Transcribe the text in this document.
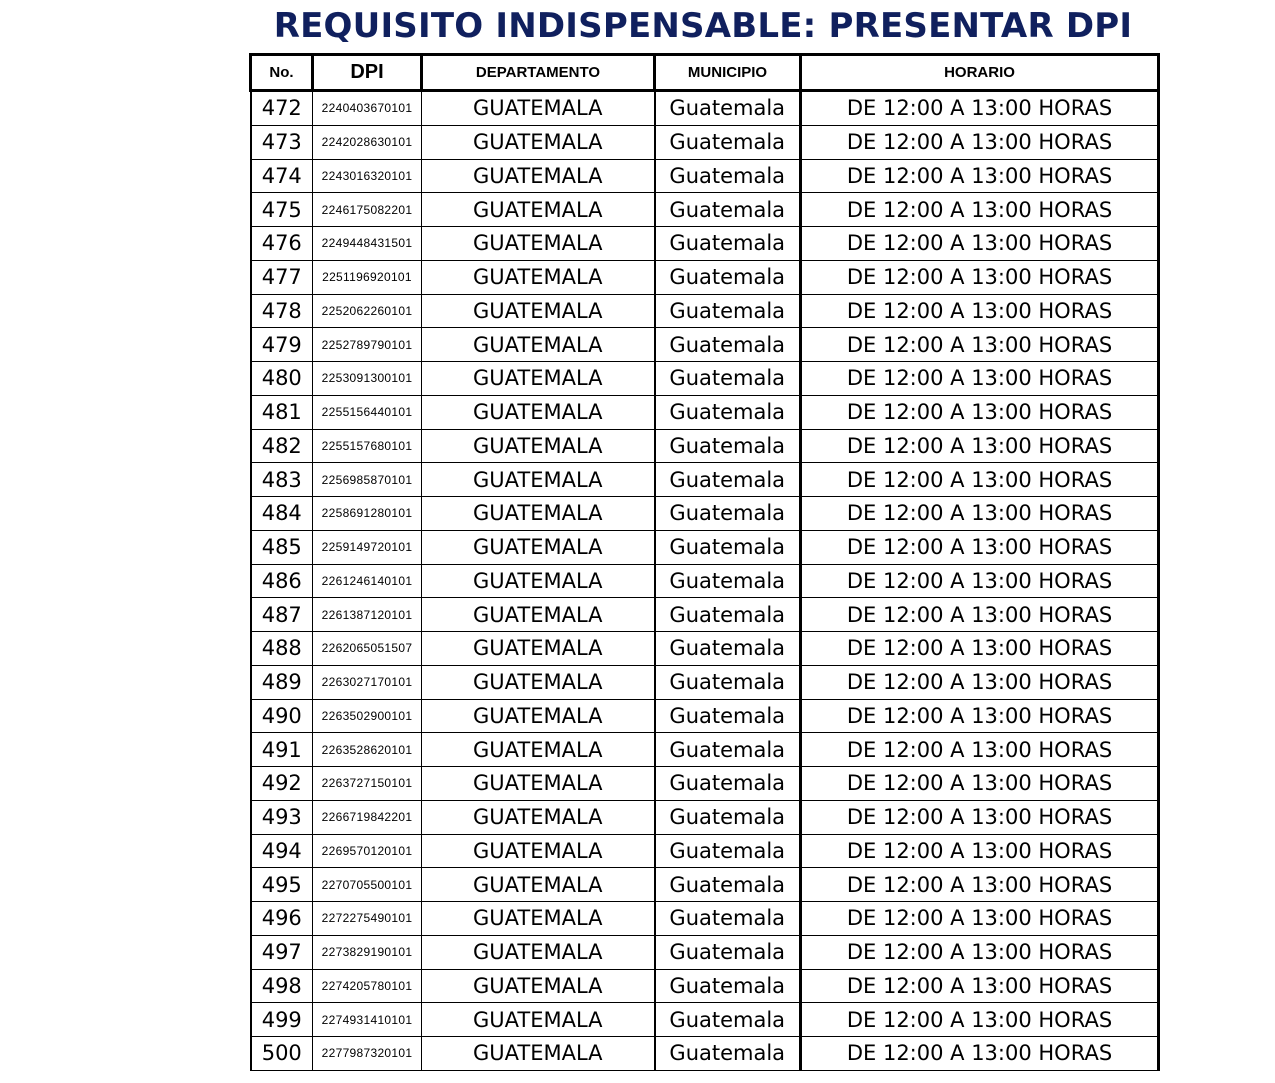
REQUISITO INDISPENSABLE: PRESENTAR DPI
No.	DPI	DEPARTAMENTO	MUNICIPIO	HORARIO
472	2240403670101	GUATEMALA	Guatemala	DE 12:00 A 13:00 HORAS
473	2242028630101	GUATEMALA	Guatemala	DE 12:00 A 13:00 HORAS
474	2243016320101	GUATEMALA	Guatemala	DE 12:00 A 13:00 HORAS
475	2246175082201	GUATEMALA	Guatemala	DE 12:00 A 13:00 HORAS
476	2249448431501	GUATEMALA	Guatemala	DE 12:00 A 13:00 HORAS
477	2251196920101	GUATEMALA	Guatemala	DE 12:00 A 13:00 HORAS
478	2252062260101	GUATEMALA	Guatemala	DE 12:00 A 13:00 HORAS
479	2252789790101	GUATEMALA	Guatemala	DE 12:00 A 13:00 HORAS
480	2253091300101	GUATEMALA	Guatemala	DE 12:00 A 13:00 HORAS
481	2255156440101	GUATEMALA	Guatemala	DE 12:00 A 13:00 HORAS
482	2255157680101	GUATEMALA	Guatemala	DE 12:00 A 13:00 HORAS
483	2256985870101	GUATEMALA	Guatemala	DE 12:00 A 13:00 HORAS
484	2258691280101	GUATEMALA	Guatemala	DE 12:00 A 13:00 HORAS
485	2259149720101	GUATEMALA	Guatemala	DE 12:00 A 13:00 HORAS
486	2261246140101	GUATEMALA	Guatemala	DE 12:00 A 13:00 HORAS
487	2261387120101	GUATEMALA	Guatemala	DE 12:00 A 13:00 HORAS
488	2262065051507	GUATEMALA	Guatemala	DE 12:00 A 13:00 HORAS
489	2263027170101	GUATEMALA	Guatemala	DE 12:00 A 13:00 HORAS
490	2263502900101	GUATEMALA	Guatemala	DE 12:00 A 13:00 HORAS
491	2263528620101	GUATEMALA	Guatemala	DE 12:00 A 13:00 HORAS
492	2263727150101	GUATEMALA	Guatemala	DE 12:00 A 13:00 HORAS
493	2266719842201	GUATEMALA	Guatemala	DE 12:00 A 13:00 HORAS
494	2269570120101	GUATEMALA	Guatemala	DE 12:00 A 13:00 HORAS
495	2270705500101	GUATEMALA	Guatemala	DE 12:00 A 13:00 HORAS
496	2272275490101	GUATEMALA	Guatemala	DE 12:00 A 13:00 HORAS
497	2273829190101	GUATEMALA	Guatemala	DE 12:00 A 13:00 HORAS
498	2274205780101	GUATEMALA	Guatemala	DE 12:00 A 13:00 HORAS
499	2274931410101	GUATEMALA	Guatemala	DE 12:00 A 13:00 HORAS
500	2277987320101	GUATEMALA	Guatemala	DE 12:00 A 13:00 HORAS
